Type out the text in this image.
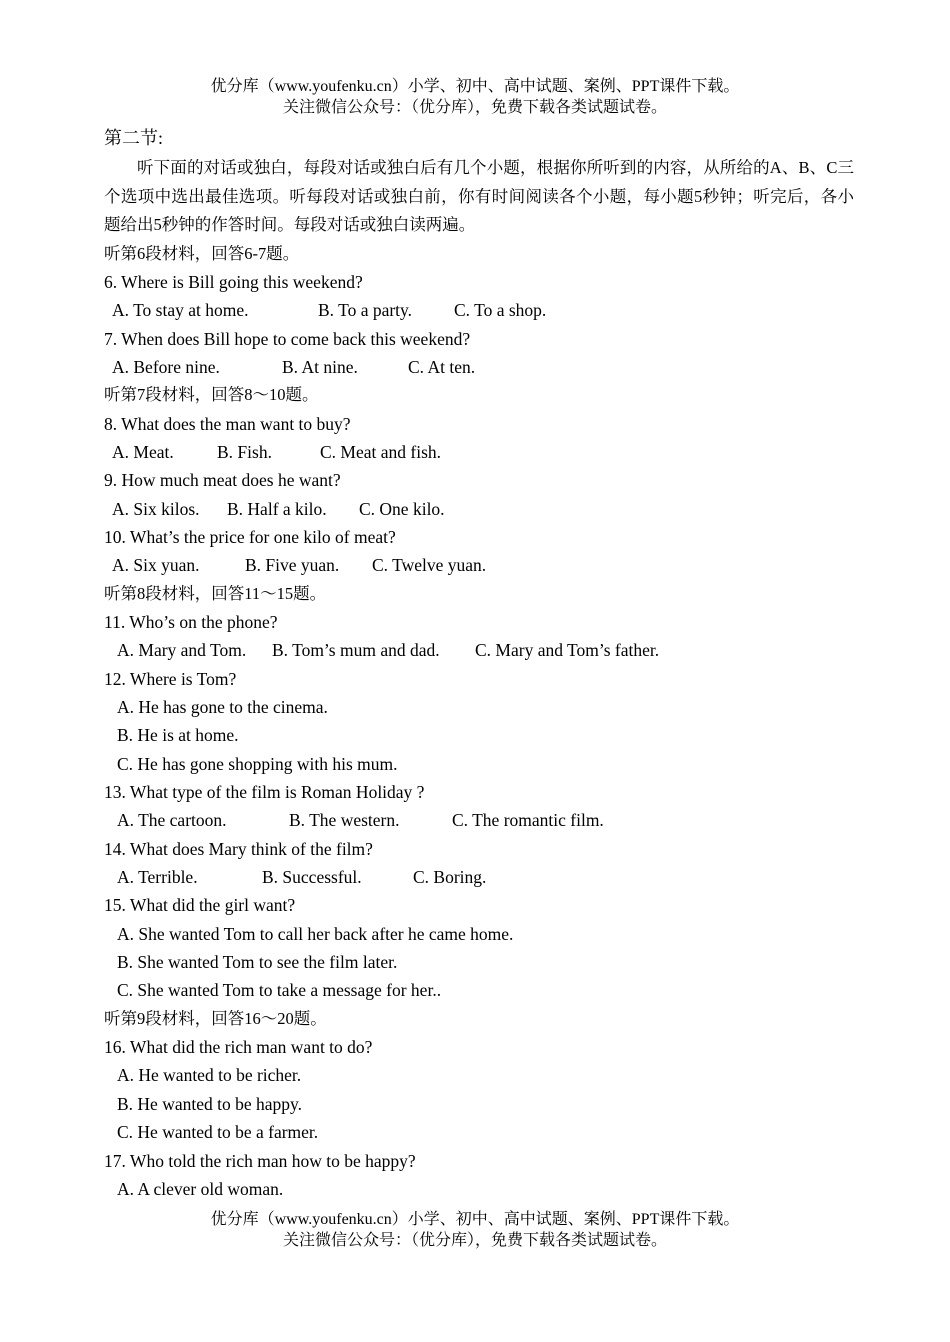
优分库（www.youfenku.cn）小学、初中、高中试题、案例、PPT课件下载。
关注微信公众号：（优分库），免费下载各类试题试卷。
第二节:

听下面的对话或独白，每段对话或独白后有几个小题，根据你所听到的内容，从所给的A、B、C三个选项中选出最佳选项。听每段对话或独白前，你有时间阅读各个小题，每小题5秒钟；听完后，各小题给出5秒钟的作答时间。每段对话或独白读两遍。

听第6段材料，回答6-7题。
6. Where is Bill going this weekend?
A. To stay at home.	B. To a party. C. To a shop.
7. When does Bill hope to come back this weekend?
A. Before nine.	B. At nine.	C. At ten.
听第7段材料，回答8～10题。
8. What does the man want to buy?
A. Meat. B. Fish.	C. Meat and fish.
9. How much meat does he want?
A. Six kilos. B. Half a kilo. C. One kilo.
10. What’s the price for one kilo of meat?
A. Six yuan.	B. Five yuan. C. Twelve yuan.
听第8段材料，回答11～15题。
11. Who’s on the phone?
A. Mary and Tom. B. Tom’s mum and dad. C. Mary and Tom’s father.
12. Where is Tom?
A. He has gone to the cinema.
B. He is at home.
C. He has gone shopping with his mum.
13. What type of the film is Roman Holiday ?
A. The cartoon.	B. The western.	C. The romantic film.
14. What does Mary think of the film?
A. Terrible.	B. Successful.	C. Boring.
15. What did the girl want?
A. She wanted Tom to call her back after he came home.
B. She wanted Tom to see the film later.
C. She wanted Tom to take a message for her..
听第9段材料，回答16～20题。
16. What did the rich man want to do?
A. He wanted to be richer.
B. He wanted to be happy.
C. He wanted to be a farmer.
17. Who told the rich man how to be happy?
A. A clever old woman.
优分库（www.youfenku.cn）小学、初中、高中试题、案例、PPT课件下载。
关注微信公众号：（优分库），免费下载各类试题试卷。
